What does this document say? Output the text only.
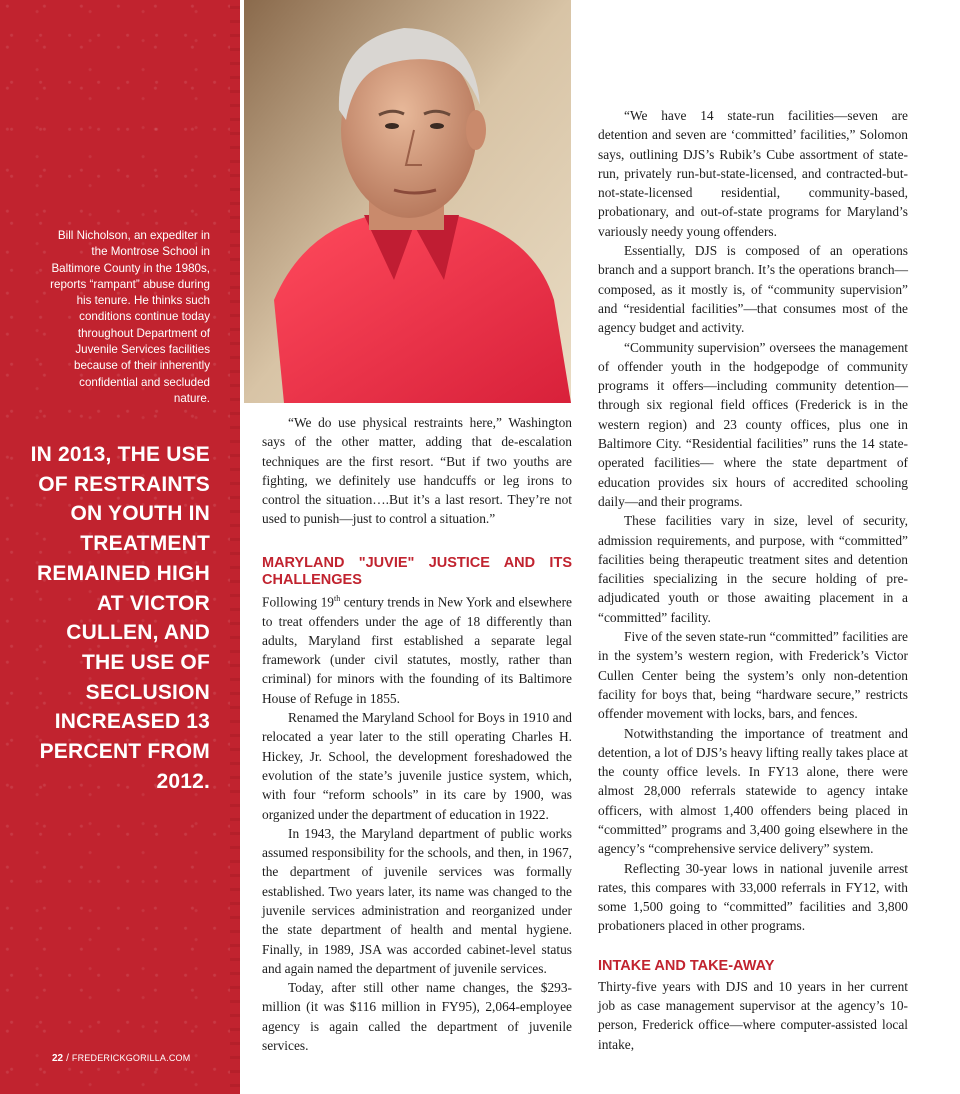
Bill Nicholson, an expediter in the Montrose School in Baltimore County in the 1980s, reports “rampant” abuse during his tenure. He thinks such conditions continue today throughout Department of Juvenile Services facilities because of their inherently confidential and secluded nature.

IN 2013, THE USE OF RESTRAINTS ON YOUTH IN TREATMENT REMAINED HIGH AT VICTOR CULLEN, AND THE USE OF SECLUSION INCREASED 13 PERCENT FROM 2012.

22 / FREDERICKGORILLA.COM

“We do use physical restraints here,” Washington says of the other matter, adding that de-escalation techniques are the first resort. “But if two youths are fighting, we definitely use handcuffs or leg irons to control the situation….But it’s a last resort. They’re not used to punish—just to control a situation.”

MARYLAND "JUVIE" JUSTICE AND ITS CHALLENGES

Following 19th century trends in New York and elsewhere to treat offenders under the age of 18 differently than adults, Maryland first established a separate legal framework (under civil statutes, mostly, rather than criminal) for minors with the founding of its Baltimore House of Refuge in 1855.

Renamed the Maryland School for Boys in 1910 and relocated a year later to the still operating Charles H. Hickey, Jr. School, the development foreshadowed the evolution of the state’s juvenile justice system, which, with four “reform schools” in its care by 1900, was organized under the department of education in 1922.

In 1943, the Maryland department of public works assumed responsibility for the schools, and then, in 1967, the department of juvenile services was formally established. Two years later, its name was changed to the juvenile services administration and reorganized under the state department of health and mental hygiene. Finally, in 1989, JSA was accorded cabinet-level status and again named the department of juvenile services.

Today, after still other name changes, the $293-million (it was $116 million in FY95), 2,064-employee agency is again called the department of juvenile services.

“We have 14 state-run facilities—seven are detention and seven are ‘committed’ facilities,” Solomon says, outlining DJS’s Rubik’s Cube assortment of state-run, privately run-but-state-licensed, and contracted-but-not-state-licensed residential, community-based, probationary, and out-of-state programs for Maryland’s variously needy young offenders.

Essentially, DJS is composed of an operations branch and a support branch. It’s the operations branch—composed, as it mostly is, of “community supervision” and “residential facilities”—that consumes most of the agency budget and activity.

“Community supervision” oversees the management of offender youth in the hodgepodge of community programs it offers—including community detention—through six regional field offices (Frederick is in the western region) and 23 county offices, plus one in Baltimore City. “Residential facilities” runs the 14 state-operated facilities— where the state department of education provides six hours of accredited schooling daily—and their programs.

These facilities vary in size, level of security, admission requirements, and purpose, with “committed” facilities being therapeutic treatment sites and detention facilities specializing in the secure holding of pre-adjudicated youth or those awaiting placement in a “committed” facility.

Five of the seven state-run “committed” facilities are in the system’s western region, with Frederick’s Victor Cullen Center being the system’s only non-detention facility for boys that, being “hardware secure,” restricts offender movement with locks, bars, and fences.

Notwithstanding the importance of treatment and detention, a lot of DJS’s heavy lifting really takes place at the county office levels. In FY13 alone, there were almost 28,000 referrals statewide to agency intake officers, with almost 1,400 offenders being placed in “committed” programs and 3,400 going elsewhere in the agency’s “comprehensive service delivery” system.

Reflecting 30-year lows in national juvenile arrest rates, this compares with 33,000 referrals in FY12, with some 1,500 going to “committed” facilities and 3,800 probationers placed in other programs.

INTAKE AND TAKE-AWAY

Thirty-five years with DJS and 10 years in her current job as case management supervisor at the agency’s 10-person, Frederick office—where computer-assisted local intake,
